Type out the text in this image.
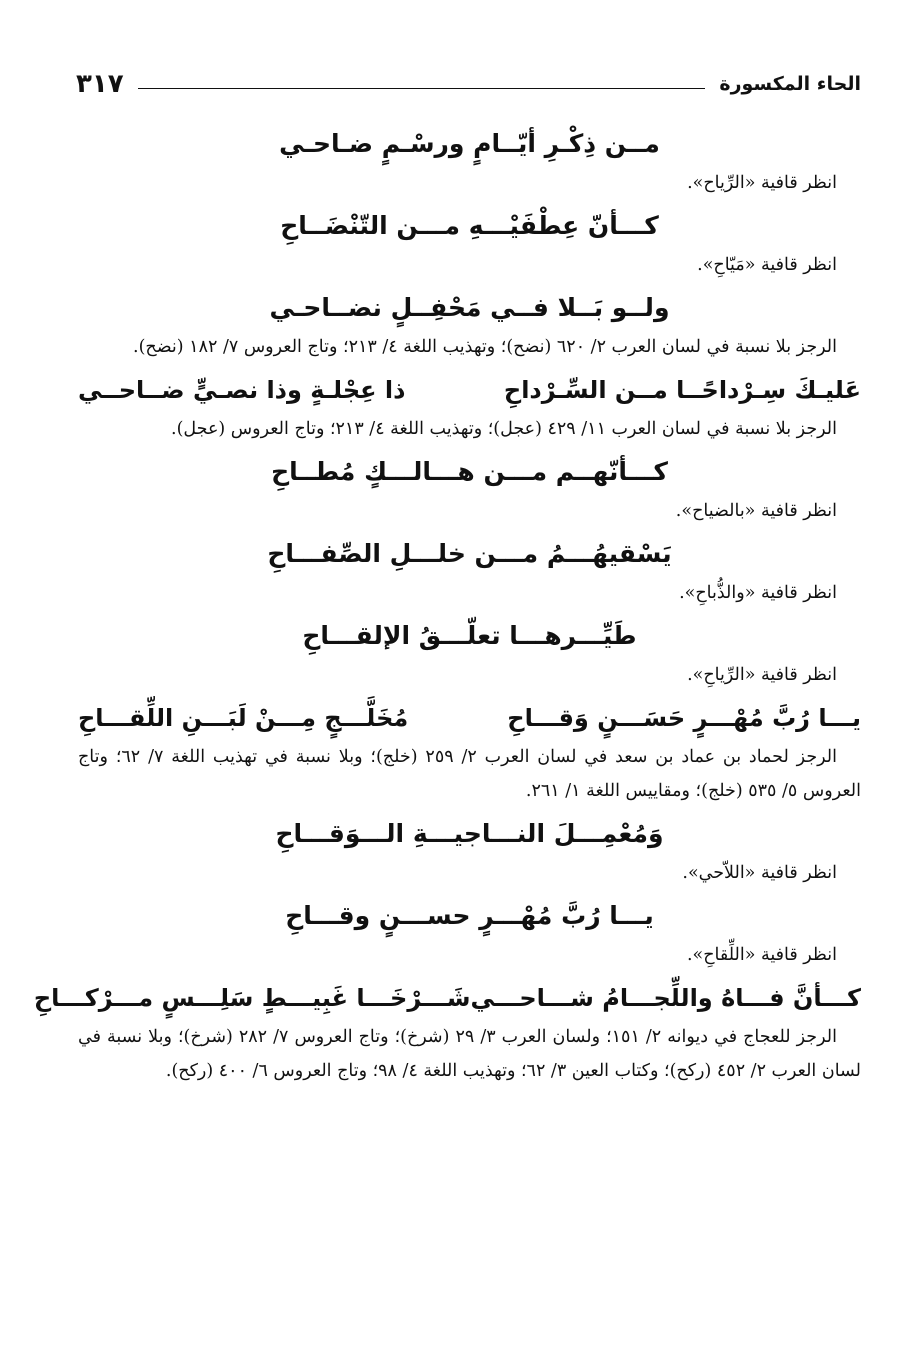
الحاء المكسورة
٣١٧
مــن ذِكْـرِ أيّــامٍ ورسْـمٍ ضـاحـي
انظر قافية «الرِّياح».
كـــأنّ عِطْفَيْـــهِ مـــن التّنْضَــاحِ
انظر قافية «مَيّاحِ».
ولــو بَــلا فــي مَحْفِــلٍ نضــاحـي
الرجز بلا نسبة في لسان العرب ٢/ ٦٢٠ (نضح)؛ وتهذيب اللغة ٤/ ٢١٣؛ وتاج العروس ٧/ ١٨٢ (نضح).
عَليـكَ سِـرْداحًــا مــن السِّـرْداحِ
ذا عِجْلـةٍ وذا نصـيٍّ ضــاحــي
الرجز بلا نسبة في لسان العرب ١١/ ٤٢٩ (عجل)؛ وتهذيب اللغة ٤/ ٢١٣؛ وتاج العروس (عجل).
كـــأنّهــم مـــن هـــالـــكٍ مُطــاحِ
انظر قافية «بالضياح».
يَسْقيهُـــمُ مـــن خلـــلِ الصِّفـــاحِ
انظر قافية «والذُّباحِ».
طَيِّـــرهـــا تعلّـــقُ الإلقـــاحِ
انظر قافية «الرِّياحِ».
يـــا رُبَّ مُهْـــرٍ حَسَـــنٍ وَقـــاحِ
مُخَلَّـــجٍ مِـــنْ لَبَـــنِ اللِّقـــاحِ
الرجز لحماد بن عماد بن سعد في لسان العرب ٢/ ٢٥٩ (خلج)؛ وبلا نسبة في تهذيب اللغة ٧/ ٦٢؛ وتاج العروس ٥/ ٥٣٥ (خلج)؛ ومقاييس اللغة ١/ ٢٦١.
وَمُعْمِـــلَ النـــاجيـــةِ الـــوَقـــاحِ
انظر قافية «اللاّحي».
يـــا رُبَّ مُهْـــرٍ حســـنٍ وقـــاحِ
انظر قافية «اللِّقاحِ».
كـــأنَّ فـــاهُ واللِّجـــامُ شـــاحـــي
شَـــرْخَـــا غَبِيـــطٍ سَلِـــسٍ مـــرْكـــاحِ
الرجز للعجاج في ديوانه ٢/ ١٥١؛ ولسان العرب ٣/ ٢٩ (شرخ)؛ وتاج العروس ٧/ ٢٨٢ (شرخ)؛ وبلا نسبة في لسان العرب ٢/ ٤٥٢ (ركح)؛ وكتاب العين ٣/ ٦٢؛ وتهذيب اللغة ٤/ ٩٨؛ وتاج العروس ٦/ ٤٠٠ (ركح).
